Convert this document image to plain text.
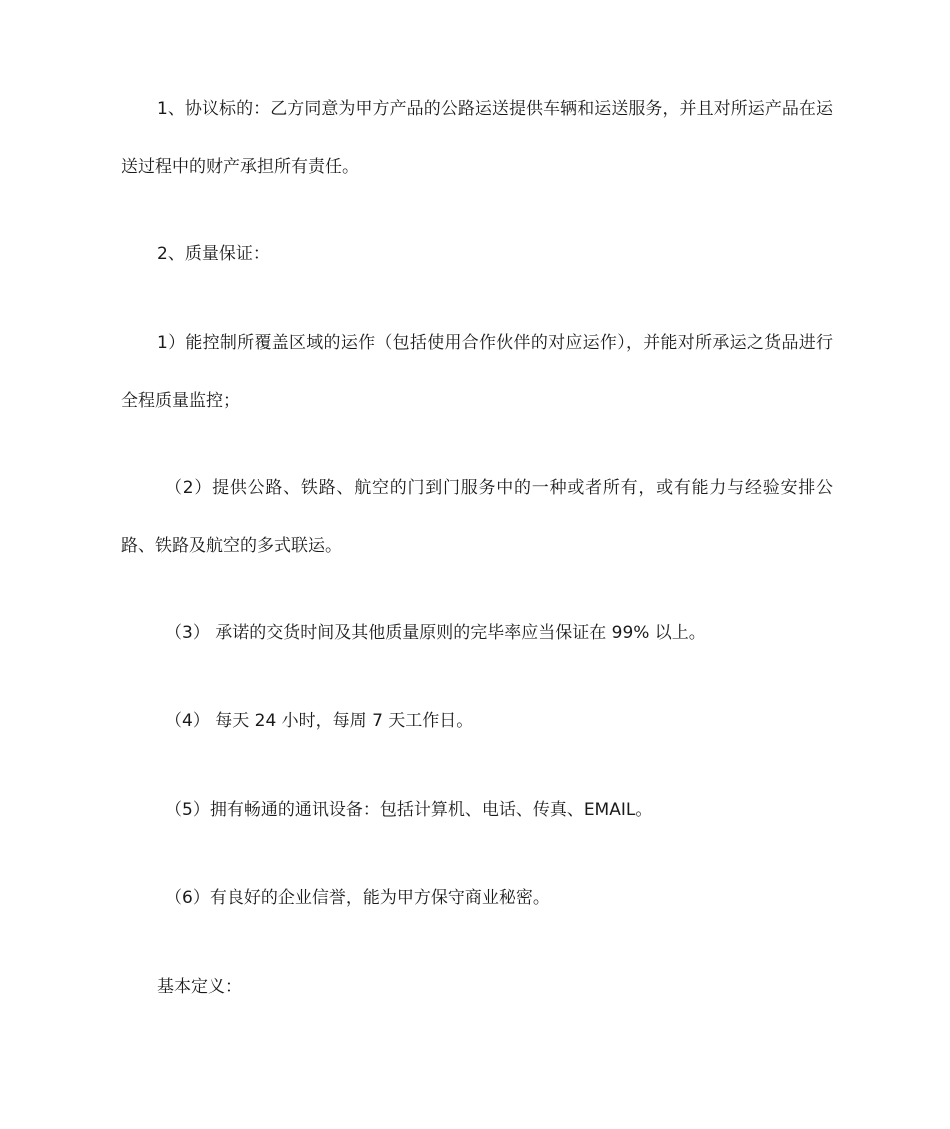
1、协议标的：乙方同意为甲方产品的公路运送提供车辆和运送服务，并且对所运产品在运送过程中的财产承担所有责任。

2、质量保证：

1）能控制所覆盖区域的运作（包括使用合作伙伴的对应运作），并能对所承运之货品进行全程质量监控；

（2）提供公路、铁路、航空的门到门服务中的一种或者所有，或有能力与经验安排公路、铁路及航空的多式联运。

（3） 承诺的交货时间及其他质量原则的完毕率应当保证在 99% 以上。

（4） 每天 24 小时，每周 7 天工作日。

（5）拥有畅通的通讯设备：包括计算机、电话、传真、EMAIL。

（6）有良好的企业信誉，能为甲方保守商业秘密。

基本定义：
